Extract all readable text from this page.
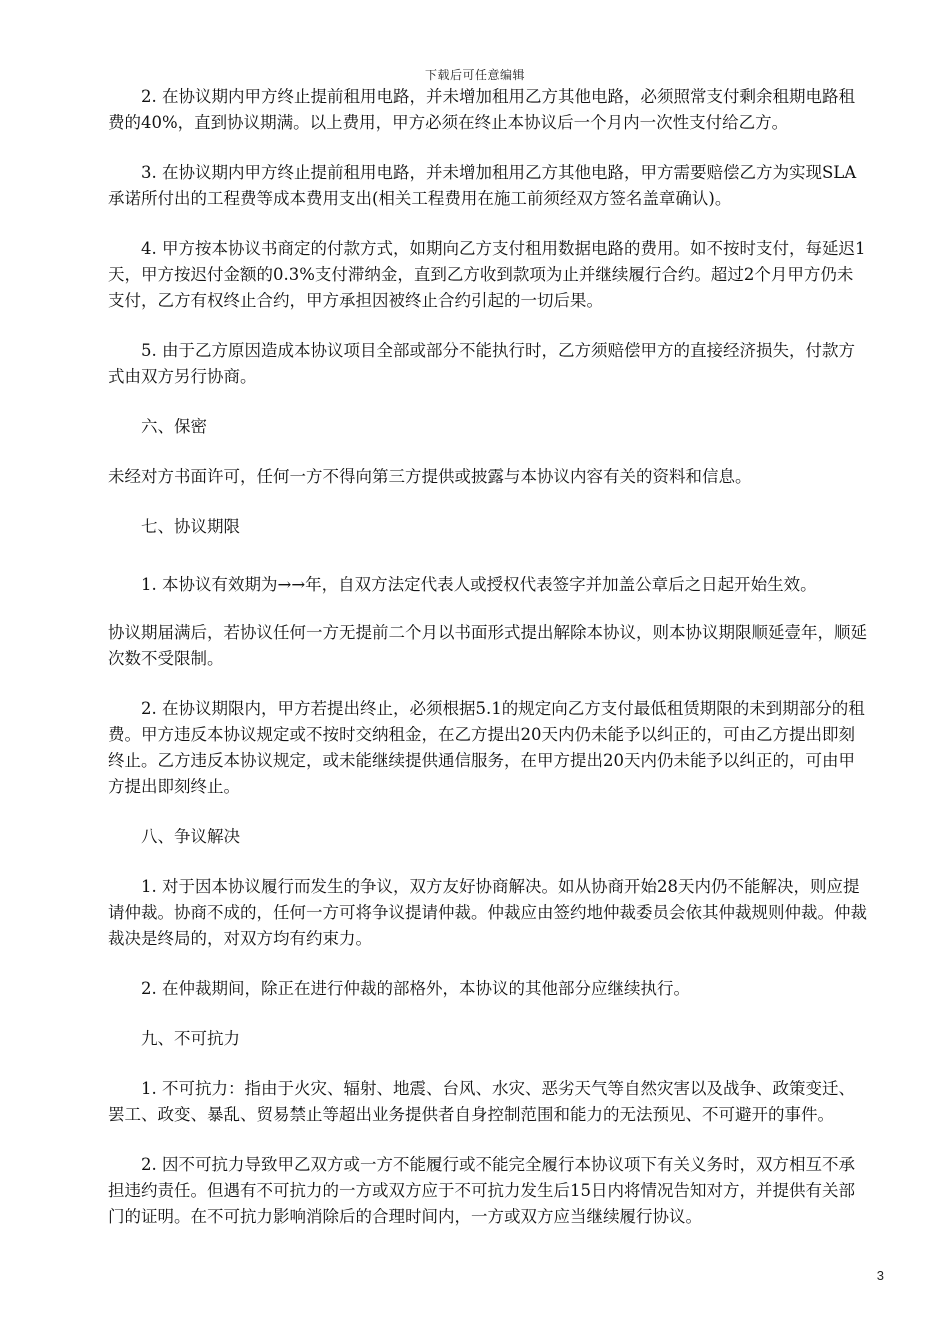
下载后可任意编辑

2. 在协议期内甲方终止提前租用电路，并未增加租用乙方其他电路，必须照常支付剩余租期电路租费的40%，直到协议期满。以上费用，甲方必须在终止本协议后一个月内一次性支付给乙方。

3. 在协议期内甲方终止提前租用电路，并未增加租用乙方其他电路，甲方需要赔偿乙方为实现SLA承诺所付出的工程费等成本费用支出(相关工程费用在施工前须经双方签名盖章确认)。

4. 甲方按本协议书商定的付款方式，如期向乙方支付租用数据电路的费用。如不按时支付，每延迟1天，甲方按迟付金额的0.3%支付滞纳金，直到乙方收到款项为止并继续履行合约。超过2个月甲方仍未支付，乙方有权终止合约，甲方承担因被终止合约引起的一切后果。

5. 由于乙方原因造成本协议项目全部或部分不能执行时，乙方须赔偿甲方的直接经济损失，付款方式由双方另行协商。

六、保密

未经对方书面许可，任何一方不得向第三方提供或披露与本协议内容有关的资料和信息。

七、协议期限

1. 本协议有效期为→→年，自双方法定代表人或授权代表签字并加盖公章后之日起开始生效。

协议期届满后，若协议任何一方无提前二个月以书面形式提出解除本协议，则本协议期限顺延壹年，顺延次数不受限制。

2. 在协议期限内，甲方若提出终止，必须根据5.1的规定向乙方支付最低租赁期限的未到期部分的租费。甲方违反本协议规定或不按时交纳租金，在乙方提出20天内仍未能予以纠正的，可由乙方提出即刻终止。乙方违反本协议规定，或未能继续提供通信服务，在甲方提出20天内仍未能予以纠正的，可由甲方提出即刻终止。

八、争议解决

1. 对于因本协议履行而发生的争议，双方友好协商解决。如从协商开始28天内仍不能解决，则应提请仲裁。协商不成的，任何一方可将争议提请仲裁。仲裁应由签约地仲裁委员会依其仲裁规则仲裁。仲裁裁决是终局的，对双方均有约束力。

2. 在仲裁期间，除正在进行仲裁的部格外，本协议的其他部分应继续执行。

九、不可抗力

1. 不可抗力：指由于火灾、辐射、地震、台风、水灾、恶劣天气等自然灾害以及战争、政策变迁、罢工、政变、暴乱、贸易禁止等超出业务提供者自身控制范围和能力的无法预见、不可避开的事件。

2. 因不可抗力导致甲乙双方或一方不能履行或不能完全履行本协议项下有关义务时，双方相互不承担违约责任。但遇有不可抗力的一方或双方应于不可抗力发生后15日内将情况告知对方，并提供有关部门的证明。在不可抗力影响消除后的合理时间内，一方或双方应当继续履行协议。

3
